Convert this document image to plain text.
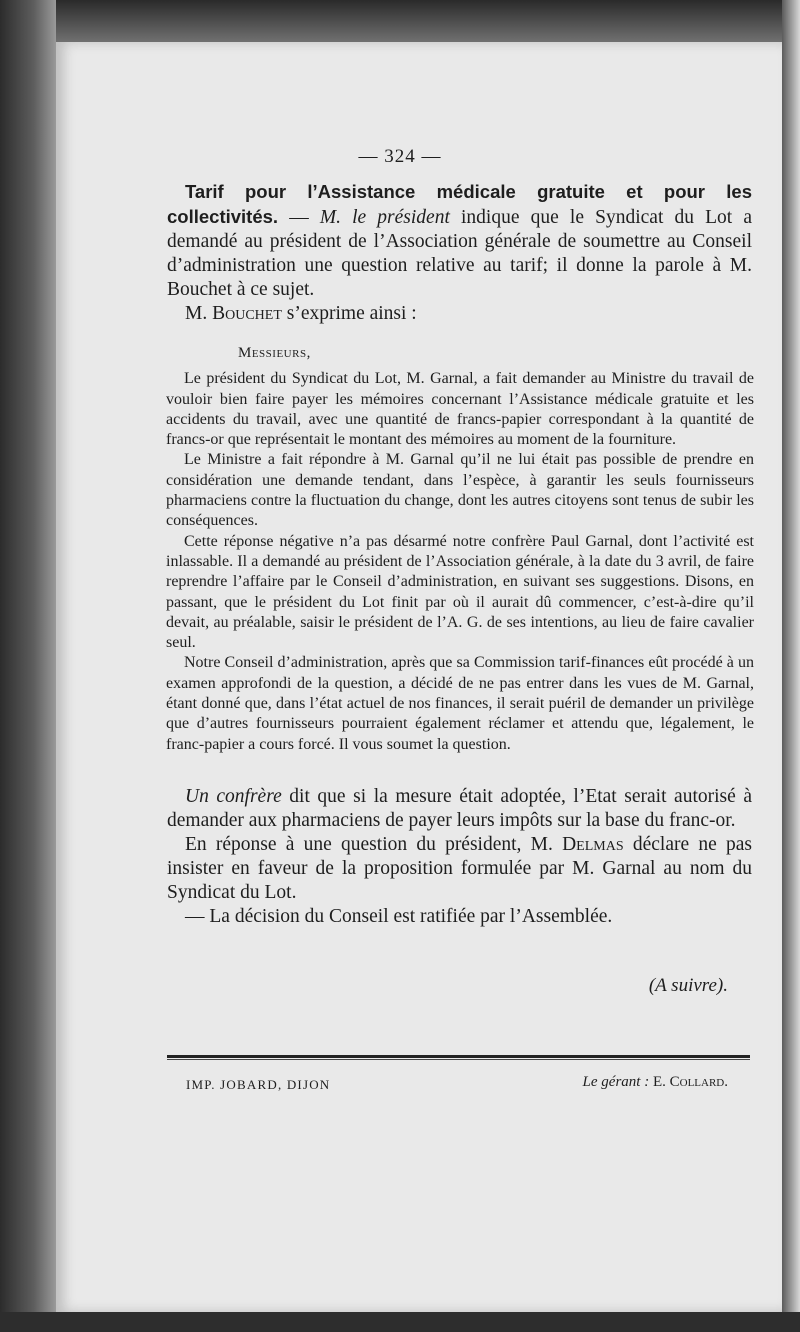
— 324 —

Tarif pour l’Assistance médicale gratuite et pour les collectivités. — M. le président indique que le Syndicat du Lot a demandé au président de l’Association générale de soumettre au Conseil d’administration une question relative au tarif; il donne la parole à M. Bouchet à ce sujet.

M. Bouchet s’exprime ainsi :

Messieurs,

Le président du Syndicat du Lot, M. Garnal, a fait demander au Ministre du travail de vouloir bien faire payer les mémoires concernant l’Assistance médicale gratuite et les accidents du travail, avec une quantité de francs-papier correspondant à la quantité de francs-or que représentait le montant des mémoires au moment de la fourniture.

Le Ministre a fait répondre à M. Garnal qu’il ne lui était pas possible de prendre en considération une demande tendant, dans l’espèce, à garantir les seuls fournisseurs pharmaciens contre la fluctuation du change, dont les autres citoyens sont tenus de subir les conséquences.

Cette réponse négative n’a pas désarmé notre confrère Paul Garnal, dont l’activité est inlassable. Il a demandé au président de l’Association générale, à la date du 3 avril, de faire reprendre l’affaire par le Conseil d’administration, en suivant ses suggestions. Disons, en passant, que le président du Lot finit par où il aurait dû commencer, c’est-à-dire qu’il devait, au préalable, saisir le président de l’A. G. de ses intentions, au lieu de faire cavalier seul.

Notre Conseil d’administration, après que sa Commission tarif-finances eût procédé à un examen approfondi de la question, a décidé de ne pas entrer dans les vues de M. Garnal, étant donné que, dans l’état actuel de nos finances, il serait puéril de demander un privilège que d’autres fournisseurs pourraient également réclamer et attendu que, légalement, le franc-papier a cours forcé. Il vous soumet la question.

Un confrère dit que si la mesure était adoptée, l’Etat serait autorisé à demander aux pharmaciens de payer leurs impôts sur la base du franc-or.

En réponse à une question du président, M. Delmas déclare ne pas insister en faveur de la proposition formulée par M. Garnal au nom du Syndicat du Lot.

— La décision du Conseil est ratifiée par l’Assemblée.

(A suivre).
IMP. JOBARD, DIJON	Le gérant : E. Collard.
